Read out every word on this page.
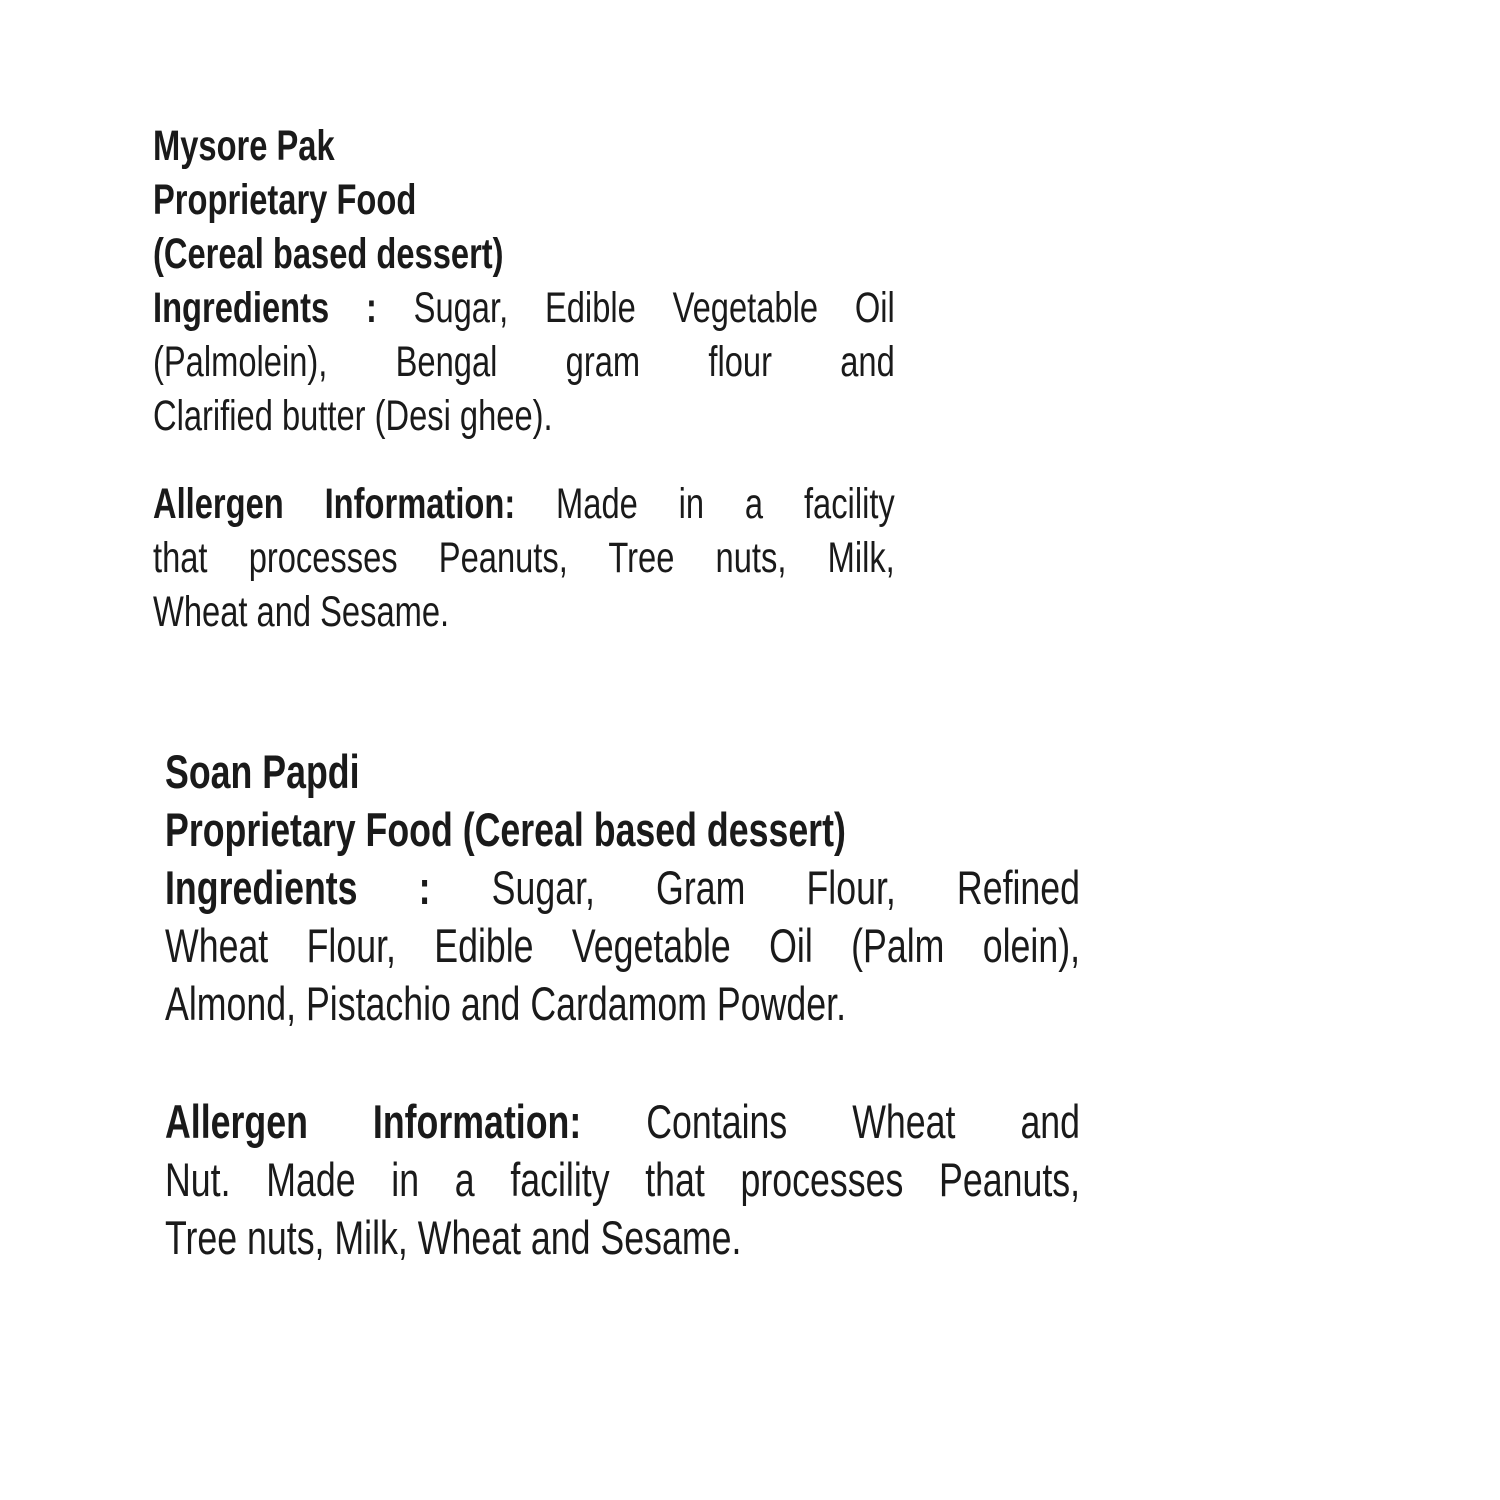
Mysore Pak
Proprietary Food
(Cereal based dessert)
Ingredients : Sugar, Edible Vegetable Oil
(Palmolein), Bengal gram flour and
Clarified butter (Desi ghee).
Allergen Information: Made in a facility
that processes Peanuts, Tree nuts, Milk,
Wheat and Sesame.
Soan Papdi
Proprietary Food (Cereal based dessert)
Ingredients : Sugar, Gram Flour, Refined
Wheat Flour, Edible Vegetable Oil (Palm olein),
Almond, Pistachio and Cardamom Powder.
Allergen Information: Contains Wheat and
Nut. Made in a facility that processes Peanuts,
Tree nuts, Milk, Wheat and Sesame.
